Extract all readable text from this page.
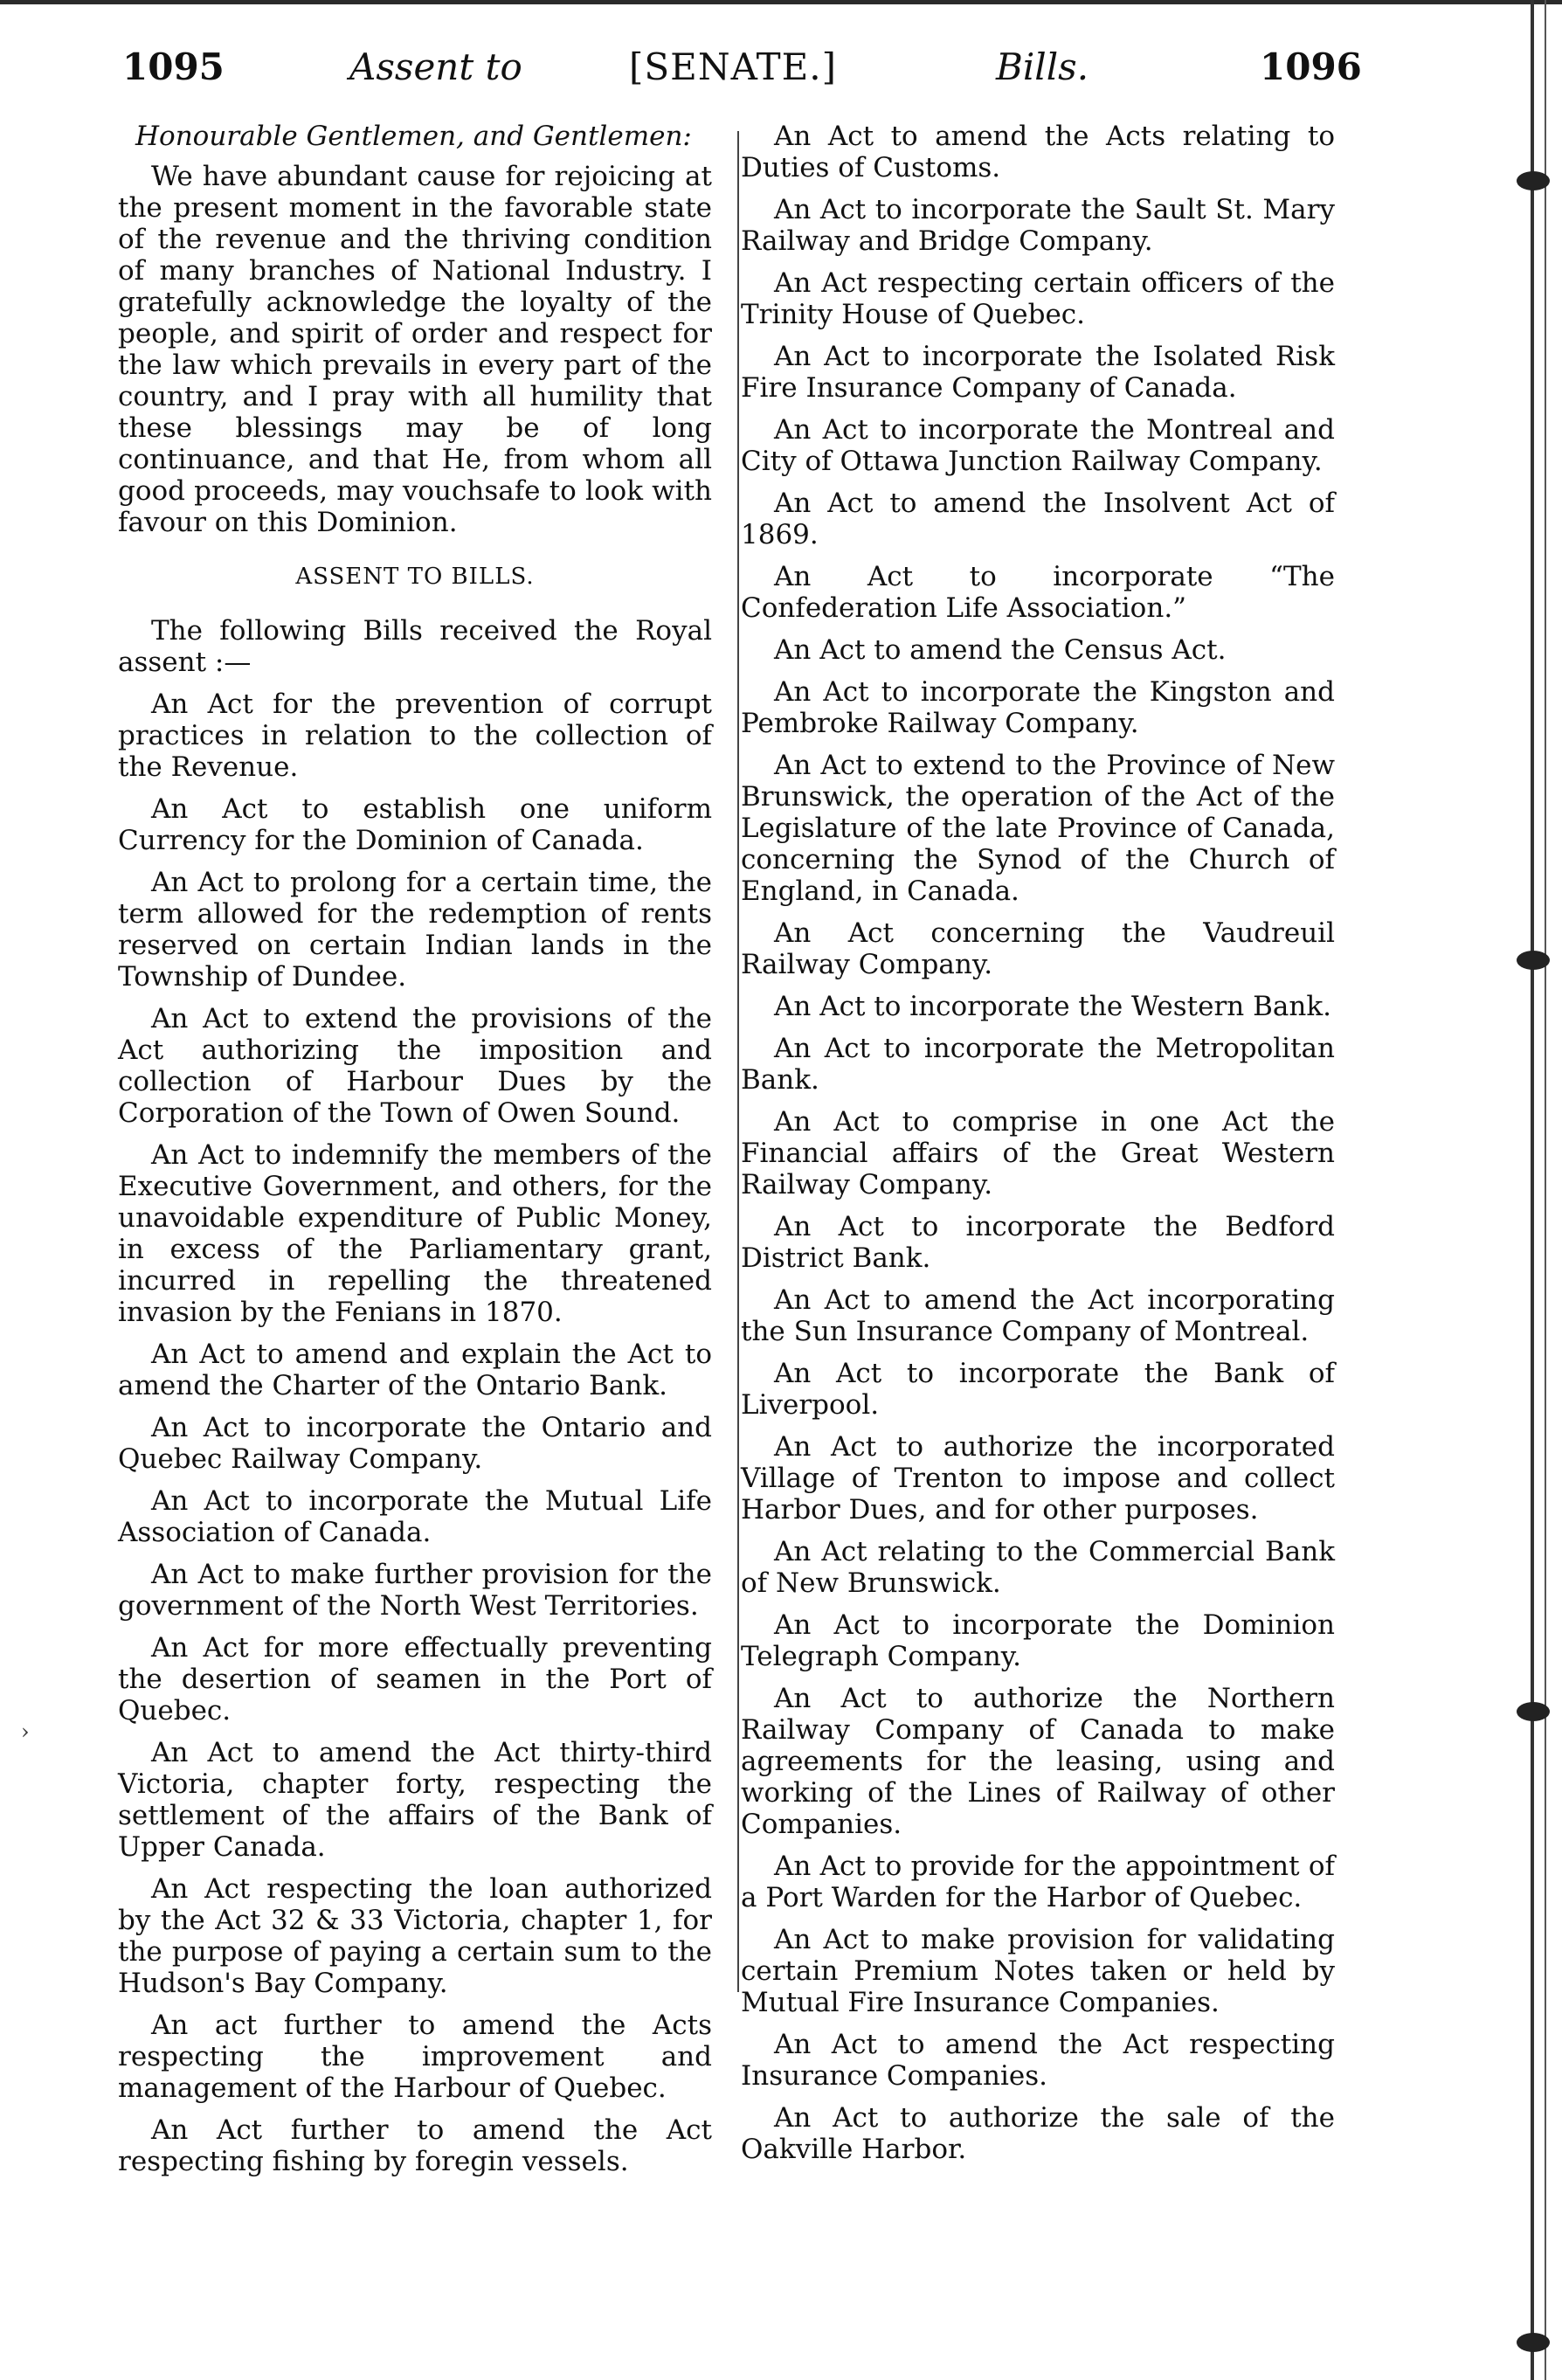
›
1095	Assent to	[SENATE.]	Bills.	1096

Honourable Gentlemen, and Gentlemen:

We have abundant cause for rejoicing at the present moment in the favorable state of the revenue and the thriving condition of many branches of National Industry. I gratefully acknowledge the loyalty of the people, and spirit of order and respect for the law which prevails in every part of the country, and I pray with all humility that these blessings may be of long continuance, and that He, from whom all good proceeds, may vouchsafe to look with favour on this Dominion.

ASSENT TO BILLS.

The following Bills received the Royal assent :—

An Act for the prevention of corrupt practices in relation to the collection of the Revenue.

An Act to establish one uniform Currency for the Dominion of Canada.

An Act to prolong for a certain time, the term allowed for the redemption of rents reserved on certain Indian lands in the Township of Dundee.

An Act to extend the provisions of the Act authorizing the imposition and collection of Harbour Dues by the Corporation of the Town of Owen Sound.

An Act to indemnify the members of the Executive Government, and others, for the unavoidable expenditure of Public Money, in excess of the Parliamentary grant, incurred in repelling the threatened invasion by the Fenians in 1870.

An Act to amend and explain the Act to amend the Charter of the Ontario Bank.

An Act to incorporate the Ontario and Quebec Railway Company.

An Act to incorporate the Mutual Life Association of Canada.

An Act to make further provision for the government of the North West Territories.

An Act for more effectually preventing the desertion of seamen in the Port of Quebec.

An Act to amend the Act thirty-third Victoria, chapter forty, respecting the settlement of the affairs of the Bank of Upper Canada.

An Act respecting the loan authorized by the Act 32 & 33 Victoria, chapter 1, for the purpose of paying a certain sum to the Hudson's Bay Company.

An act further to amend the Acts respecting the improvement and management of the Harbour of Quebec.

An Act further to amend the Act respecting fishing by foregin vessels.

An Act to amend the Acts relating to Duties of Customs.

An Act to incorporate the Sault St. Mary Railway and Bridge Company.

An Act respecting certain officers of the Trinity House of Quebec.

An Act to incorporate the Isolated Risk Fire Insurance Company of Canada.

An Act to incorporate the Montreal and City of Ottawa Junction Railway Company.

An Act to amend the Insolvent Act of 1869.

An Act to incorporate “The Confederation Life Association.”

An Act to amend the Census Act.

An Act to incorporate the Kingston and Pembroke Railway Company.

An Act to extend to the Province of New Brunswick, the operation of the Act of the Legislature of the late Province of Canada, concerning the Synod of the Church of England, in Canada.

An Act concerning the Vaudreuil Railway Company.

An Act to incorporate the Western Bank.

An Act to incorporate the Metropolitan Bank.

An Act to comprise in one Act the Financial affairs of the Great Western Railway Company.

An Act to incorporate the Bedford District Bank.

An Act to amend the Act incorporating the Sun Insurance Company of Montreal.

An Act to incorporate the Bank of Liverpool.

An Act to authorize the incorporated Village of Trenton to impose and collect Harbor Dues, and for other purposes.

An Act relating to the Commercial Bank of New Brunswick.

An Act to incorporate the Dominion Telegraph Company.

An Act to authorize the Northern Railway Company of Canada to make agreements for the leasing, using and working of the Lines of Railway of other Companies.

An Act to provide for the appointment of a Port Warden for the Harbor of Quebec.

An Act to make provision for validating certain Premium Notes taken or held by Mutual Fire Insurance Companies.

An Act to amend the Act respecting Insurance Companies.

An Act to authorize the sale of the Oakville Harbor.
